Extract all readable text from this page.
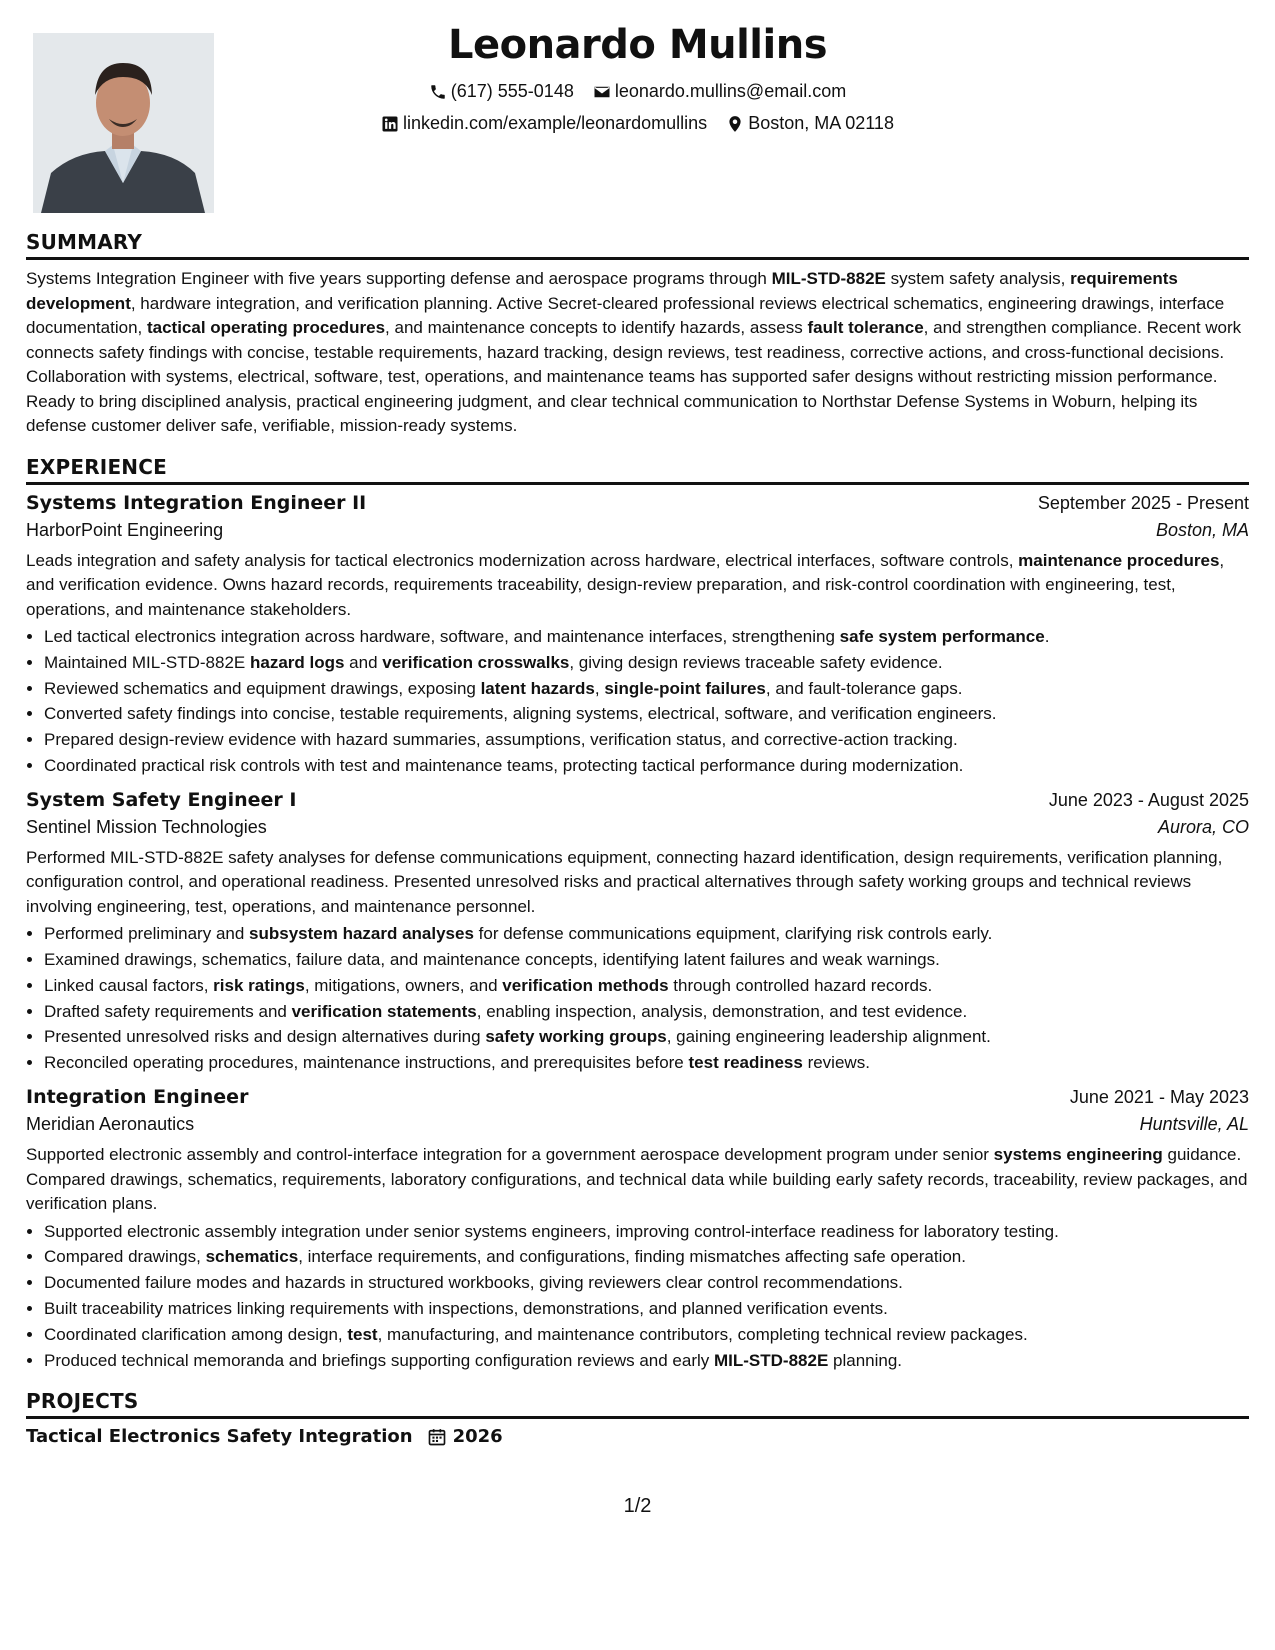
Leonardo Mullins
(617) 555-0148
leonardo.mullins@email.com
linkedin.com/example/leonardomullins
Boston, MA 02118
SUMMARY

Systems Integration Engineer with five years supporting defense and aerospace programs through MIL-STD-882E system safety analysis, requirements development, hardware integration, and verification planning. Active Secret-cleared professional reviews electrical schematics, engineering drawings, interface documentation, tactical operating procedures, and maintenance concepts to identify hazards, assess fault tolerance, and strengthen compliance. Recent work connects safety findings with concise, testable requirements, hazard tracking, design reviews, test readiness, corrective actions, and cross-functional decisions. Collaboration with systems, electrical, software, test, operations, and maintenance teams has supported safer designs without restricting mission performance. Ready to bring disciplined analysis, practical engineering judgment, and clear technical communication to Northstar Defense Systems in Woburn, helping its defense customer deliver safe, verifiable, mission-ready systems.

EXPERIENCE
Systems Integration Engineer II	September 2025 - Present
HarborPoint Engineering	Boston, MA

Leads integration and safety analysis for tactical electronics modernization across hardware, electrical interfaces, software controls, maintenance procedures, and verification evidence. Owns hazard records, requirements traceability, design-review preparation, and risk-control coordination with engineering, test, operations, and maintenance stakeholders.

• Led tactical electronics integration across hardware, software, and maintenance interfaces, strengthening safe system performance.
• Maintained MIL-STD-882E hazard logs and verification crosswalks, giving design reviews traceable safety evidence.
• Reviewed schematics and equipment drawings, exposing latent hazards, single-point failures, and fault-tolerance gaps.
• Converted safety findings into concise, testable requirements, aligning systems, electrical, software, and verification engineers.
• Prepared design-review evidence with hazard summaries, assumptions, verification status, and corrective-action tracking.
• Coordinated practical risk controls with test and maintenance teams, protecting tactical performance during modernization.
System Safety Engineer I	June 2023 - August 2025
Sentinel Mission Technologies	Aurora, CO

Performed MIL-STD-882E safety analyses for defense communications equipment, connecting hazard identification, design requirements, verification planning, configuration control, and operational readiness. Presented unresolved risks and practical alternatives through safety working groups and technical reviews involving engineering, test, operations, and maintenance personnel.

• Performed preliminary and subsystem hazard analyses for defense communications equipment, clarifying risk controls early.
• Examined drawings, schematics, failure data, and maintenance concepts, identifying latent failures and weak warnings.
• Linked causal factors, risk ratings, mitigations, owners, and verification methods through controlled hazard records.
• Drafted safety requirements and verification statements, enabling inspection, analysis, demonstration, and test evidence.
• Presented unresolved risks and design alternatives during safety working groups, gaining engineering leadership alignment.
• Reconciled operating procedures, maintenance instructions, and prerequisites before test readiness reviews.
Integration Engineer	June 2021 - May 2023
Meridian Aeronautics	Huntsville, AL

Supported electronic assembly and control-interface integration for a government aerospace development program under senior systems engineering guidance. Compared drawings, schematics, requirements, laboratory configurations, and technical data while building early safety records, traceability, review packages, and verification plans.

• Supported electronic assembly integration under senior systems engineers, improving control-interface readiness for laboratory testing.
• Compared drawings, schematics, interface requirements, and configurations, finding mismatches affecting safe operation.
• Documented failure modes and hazards in structured workbooks, giving reviewers clear control recommendations.
• Built traceability matrices linking requirements with inspections, demonstrations, and planned verification events.
• Coordinated clarification among design, test, manufacturing, and maintenance contributors, completing technical review packages.
• Produced technical memoranda and briefings supporting configuration reviews and early MIL-STD-882E planning.
PROJECTS
Tactical Electronics Safety Integration 2026
1/2
